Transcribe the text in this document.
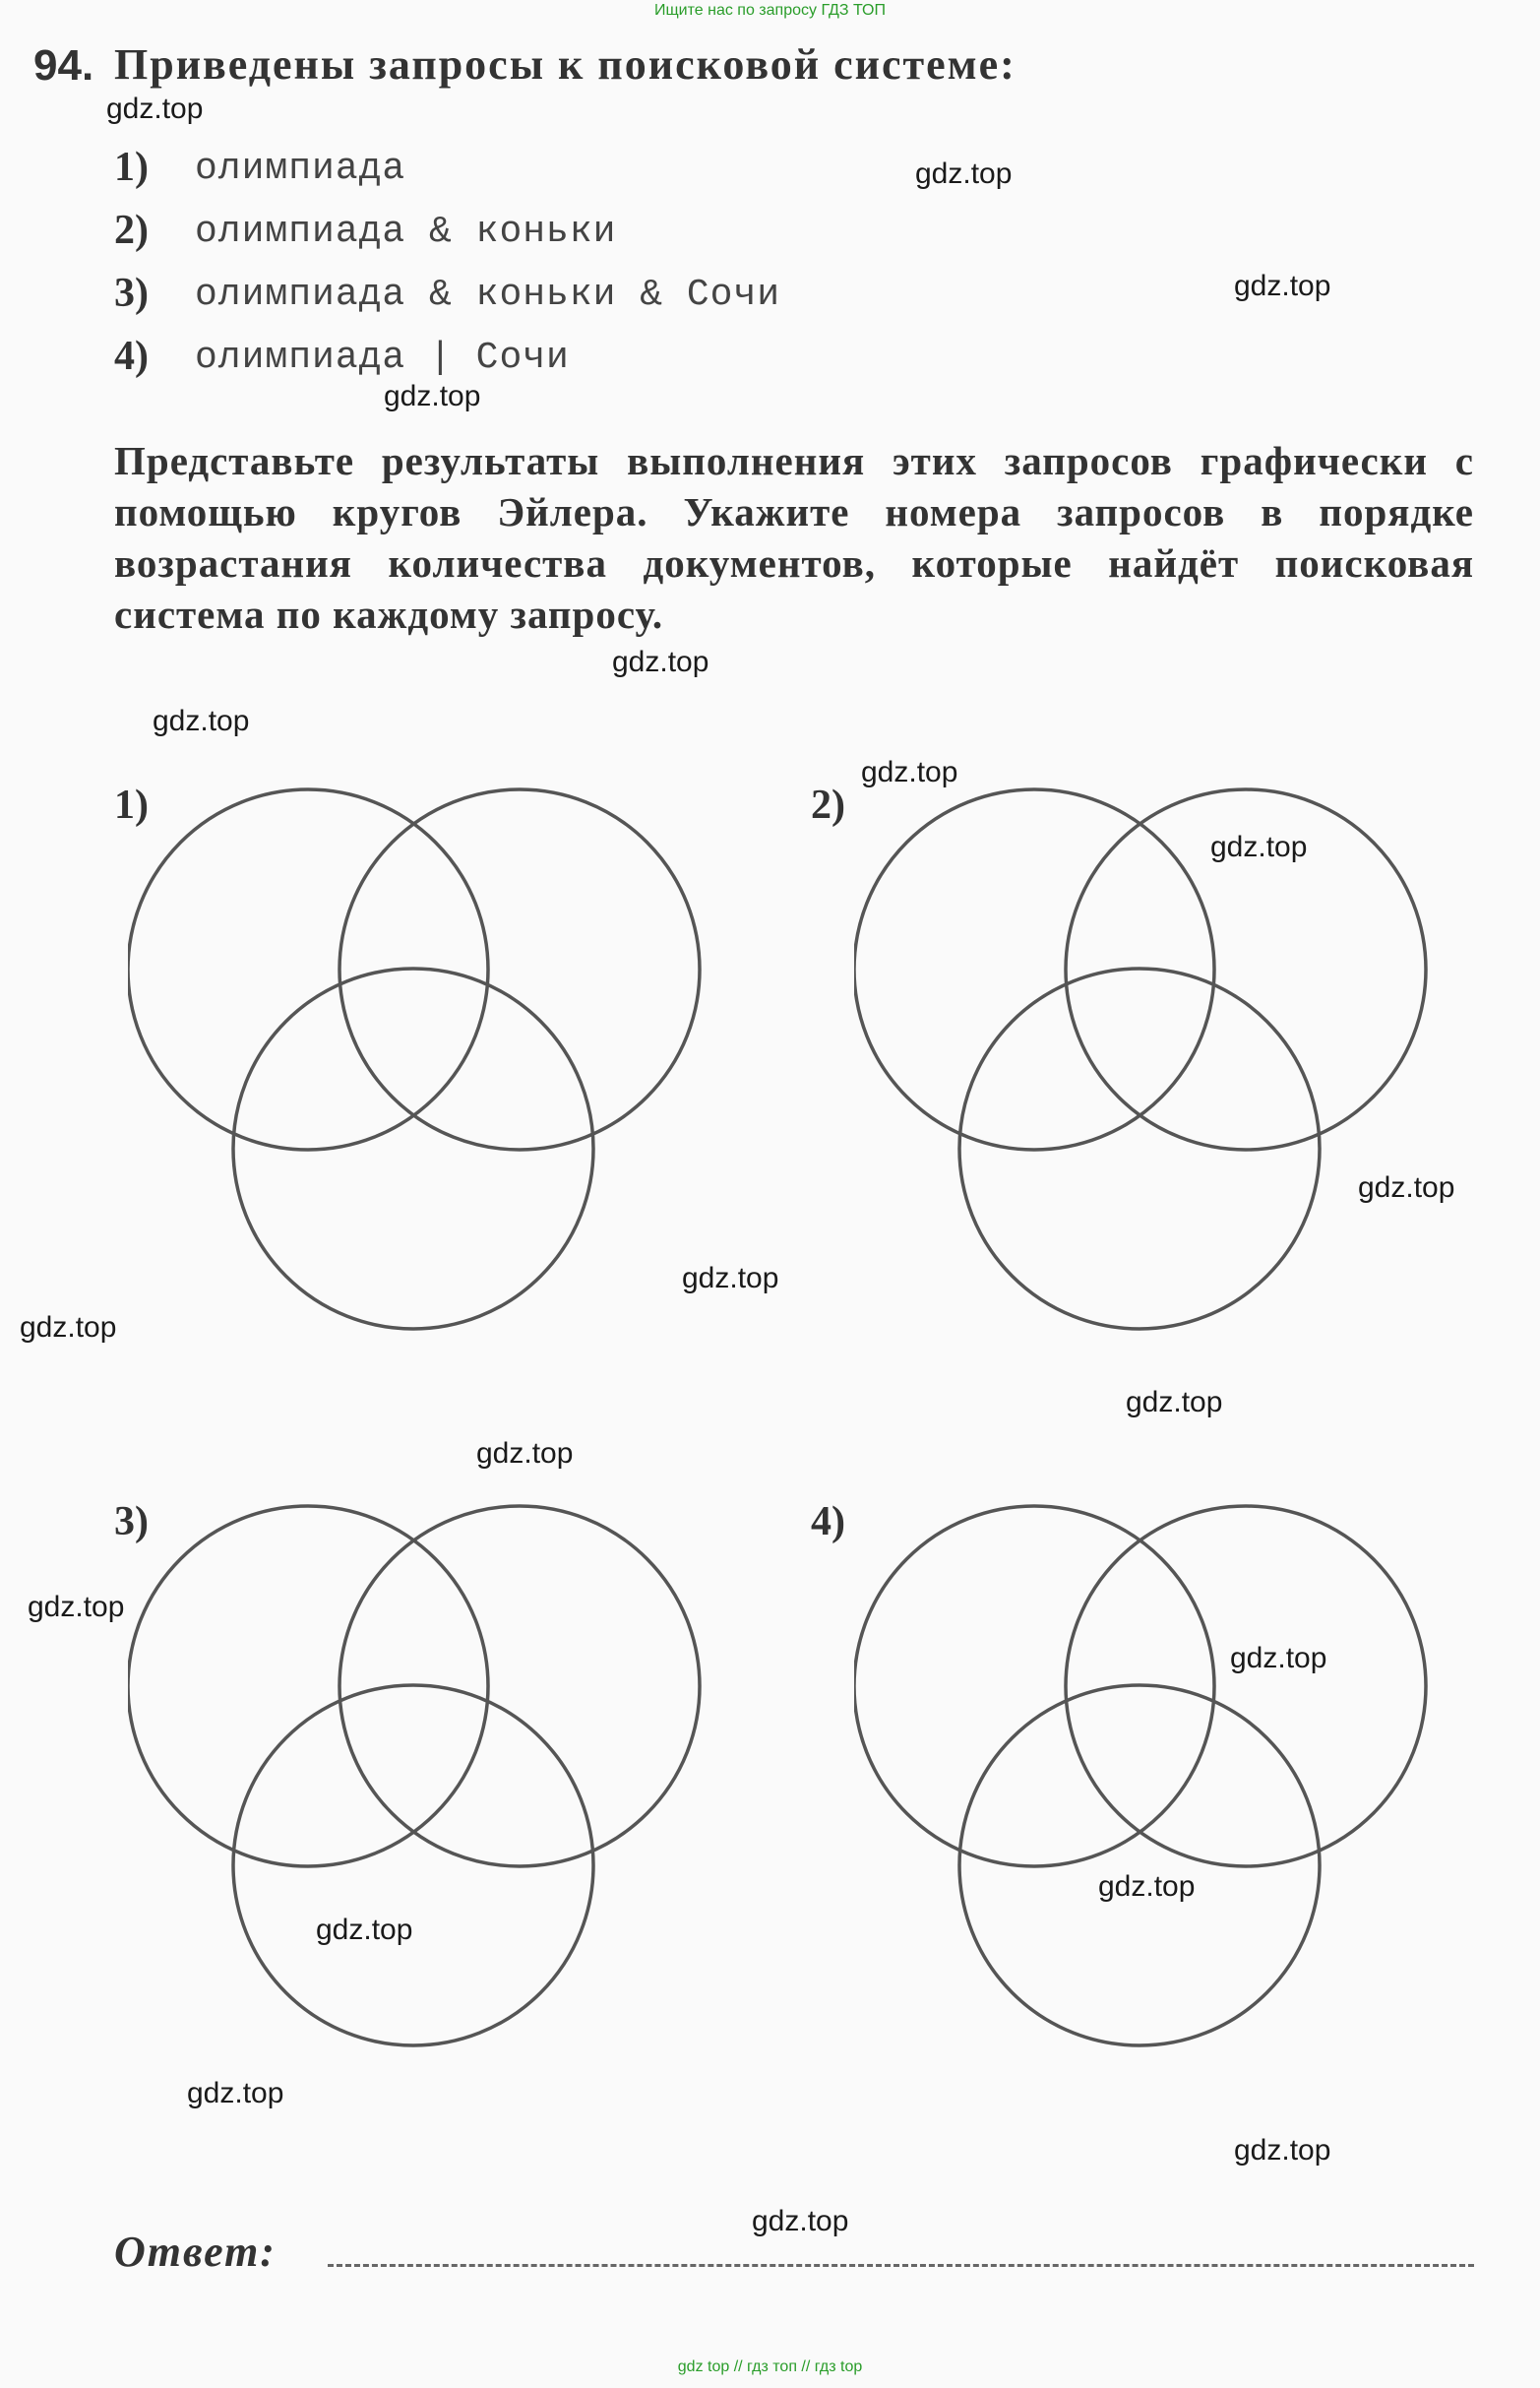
Ищите нас по запросу ГДЗ ТОП
94. Приведены запросы к поисковой системе:
1) олимпиада
2) олимпиада & коньки
3) олимпиада & коньки & Сочи
4) олимпиада | Сочи
Представьте результаты выполнения этих запросов графически с помощью кругов Эйлера. Укажите номера запросов в порядке возрастания количества документов, которые найдёт поисковая система по каждому запросу.
1)	2)
3)	4)
Ответ:
gdz.top
gdz.top
gdz.top
gdz.top
gdz.top
gdz.top
gdz.top
gdz.top
gdz.top
gdz.top
gdz.top
gdz.top
gdz.top
gdz.top
gdz.top
gdz.top
gdz.top
gdz.top
gdz.top
gdz.top
gdz top // гдз топ // гдз top
